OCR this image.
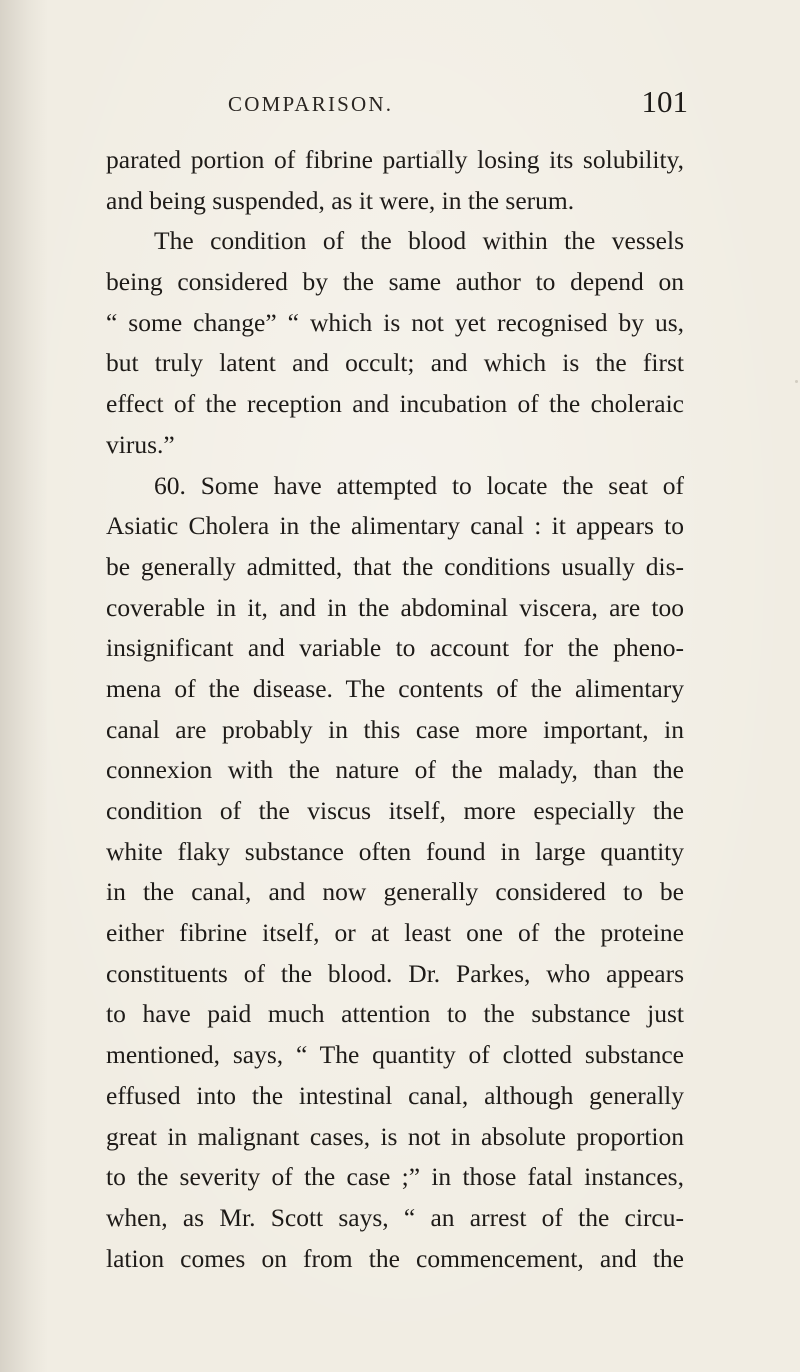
COMPARISON.	101
parated portion of fibrine partially losing its solubility,
and being suspended, as it were, in the serum.
The condition of the blood within the vessels
being considered by the same author to depend on
“ some change” “ which is not yet recognised by us,
but truly latent and occult; and which is the first
effect of the reception and incubation of the choleraic
virus.”
60. Some have attempted to locate the seat of
Asiatic Cholera in the alimentary canal : it appears to
be generally admitted, that the conditions usually dis-
coverable in it, and in the abdominal viscera, are too
insignificant and variable to account for the pheno-
mena of the disease. The contents of the alimentary
canal are probably in this case more important, in
connexion with the nature of the malady, than the
condition of the viscus itself, more especially the
white flaky substance often found in large quantity
in the canal, and now generally considered to be
either fibrine itself, or at least one of the proteine
constituents of the blood. Dr. Parkes, who appears
to have paid much attention to the substance just
mentioned, says, “ The quantity of clotted substance
effused into the intestinal canal, although generally
great in malignant cases, is not in absolute proportion
to the severity of the case ;” in those fatal instances,
when, as Mr. Scott says, “ an arrest of the circu-
lation comes on from the commencement, and the
